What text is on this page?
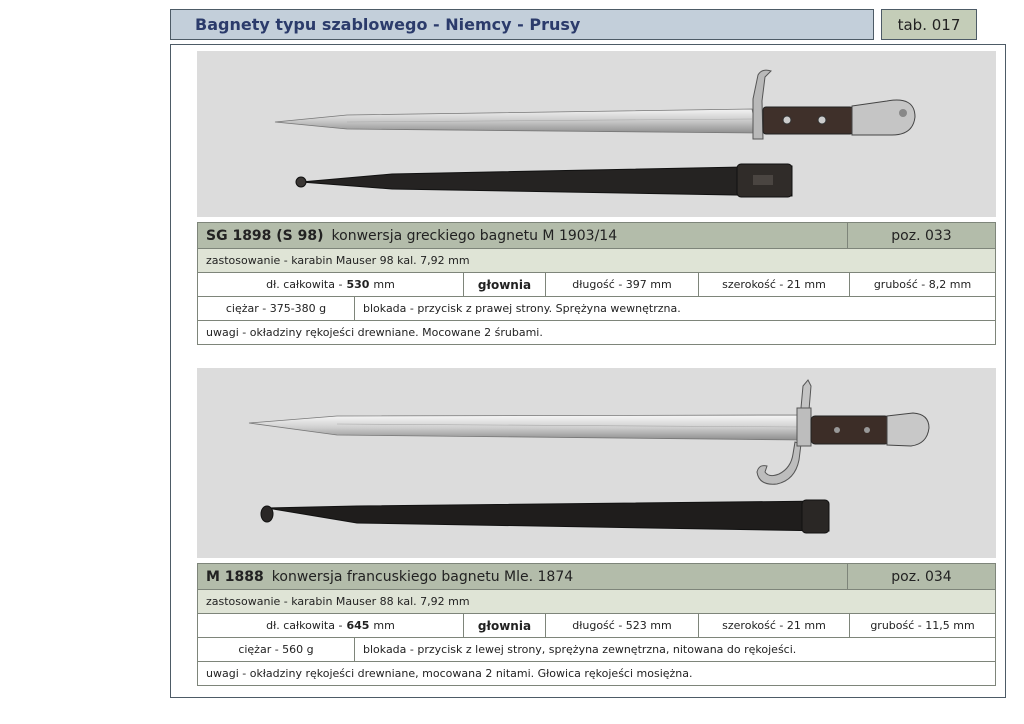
Bagnety typu szablowego - Niemcy - Prusy	tab. 017
SG 1898 (S 98) konwersja greckiego bagnetu M 1903/14	poz. 033
zastosowanie - karabin Mauser 98 kal. 7,92 mm
dł. całkowita - 530 mm	głownia	długość - 397 mm	szerokość - 21 mm	grubość - 8,2 mm
ciężar - 375-380 g	blokada - przycisk z prawej strony. Sprężyna wewnętrzna.
uwagi - okładziny rękojeści drewniane. Mocowane 2 śrubami.
M 1888 konwersja francuskiego bagnetu Mle. 1874	poz. 034
zastosowanie - karabin Mauser 88 kal. 7,92 mm
dł. całkowita - 645 mm	głownia	długość - 523 mm	szerokość - 21 mm	grubość - 11,5 mm
ciężar - 560 g	blokada - przycisk z lewej strony, sprężyna zewnętrzna, nitowana do rękojeści.
uwagi - okładziny rękojeści drewniane, mocowana 2 nitami. Głowica rękojeści mosiężna.
